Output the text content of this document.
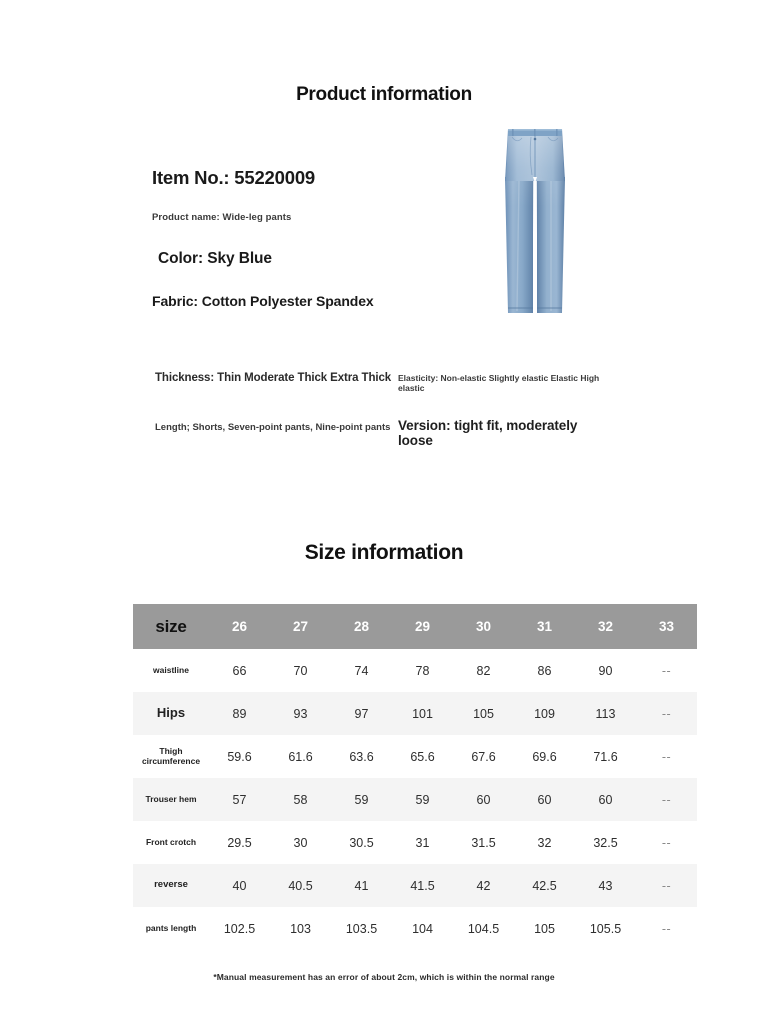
Product information
Item No.: 55220009
Product name: Wide-leg pants
Color: Sky Blue
Fabric: Cotton Polyester Spandex
Thickness: Thin Moderate Thick Extra Thick Elasticity: Non-elastic Slightly elastic Elastic High elastic
Length; Shorts, Seven-point pants, Nine-point pants Version: tight fit, moderately loose
Size information
size	26	27	28	29	30	31	32	33
waistline	66	70	74	78	82	86	90	--
Hips	89	93	97	101	105	109	113	--
Thigh circumference	59.6	61.6	63.6	65.6	67.6	69.6	71.6	--
Trouser hem	57	58	59	59	60	60	60	--
Front crotch	29.5	30	30.5	31	31.5	32	32.5	--
reverse	40	40.5	41	41.5	42	42.5	43	--
pants length	102.5	103	103.5	104	104.5	105	105.5	--
*Manual measurement has an error of about 2cm, which is within the normal range
